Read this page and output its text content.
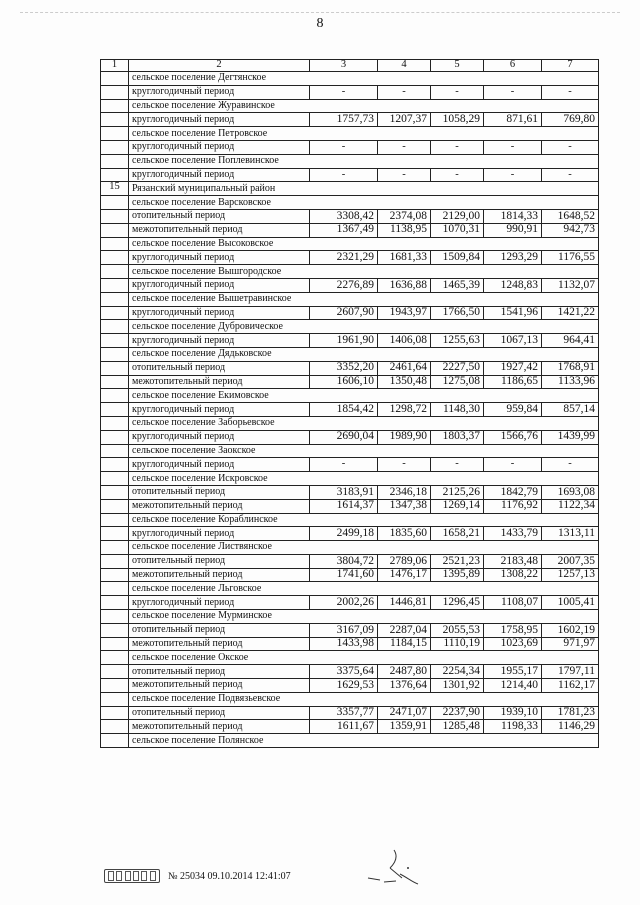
8
1	2	3	4	5	6	7
	сельское поселение Дегтянское					
	круглогодичный период	-	-	-	-	-
	сельское поселение Журавинское					
	круглогодичный период	1757,73	1207,37	1058,29	871,61	769,80
	сельское поселение Петровское					
	круглогодичный период	-	-	-	-	-
	сельское поселение Поплевинское					
	круглогодичный период	-	-	-	-	-
15	Рязанский муниципальный район					
	сельское поселение Варсковское					
	отопительный период	3308,42	2374,08	2129,00	1814,33	1648,52
	межотопительный период	1367,49	1138,95	1070,31	990,91	942,73
	сельское поселение Высоковское					
	круглогодичный период	2321,29	1681,33	1509,84	1293,29	1176,55
	сельское поселение Вышгородское					
	круглогодичный период	2276,89	1636,88	1465,39	1248,83	1132,07
	сельское поселение Вышетравинское					
	круглогодичный период	2607,90	1943,97	1766,50	1541,96	1421,22
	сельское поселение Дубровическое					
	круглогодичный период	1961,90	1406,08	1255,63	1067,13	964,41
	сельское поселение Дядьковское					
	отопительный период	3352,20	2461,64	2227,50	1927,42	1768,91
	межотопительный период	1606,10	1350,48	1275,08	1186,65	1133,96
	сельское поселение Екимовское					
	круглогодичный период	1854,42	1298,72	1148,30	959,84	857,14
	сельское поселение Заборьевское					
	круглогодичный период	2690,04	1989,90	1803,37	1566,76	1439,99
	сельское поселение Заокское					
	круглогодичный период	-	-	-	-	-
	сельское поселение Искровское					
	отопительный период	3183,91	2346,18	2125,26	1842,79	1693,08
	межотопительный период	1614,37	1347,38	1269,14	1176,92	1122,34
	сельское поселение Кораблинское					
	круглогодичный период	2499,18	1835,60	1658,21	1433,79	1313,11
	сельское поселение Листвянское					
	отопительный период	3804,72	2789,06	2521,23	2183,48	2007,35
	межотопительный период	1741,60	1476,17	1395,89	1308,22	1257,13
	сельское поселение Льговское					
	круглогодичный период	2002,26	1446,81	1296,45	1108,07	1005,41
	сельское поселение Мурминское					
	отопительный период	3167,09	2287,04	2055,53	1758,95	1602,19
	межотопительный период	1433,98	1184,15	1110,19	1023,69	971,97
	сельское поселение Окское					
	отопительный период	3375,64	2487,80	2254,34	1955,17	1797,11
	межотопительный период	1629,53	1376,64	1301,92	1214,40	1162,17
	сельское поселение Подвязьевское					
	отопительный период	3357,77	2471,07	2237,90	1939,10	1781,23
	межотопительный период	1611,67	1359,91	1285,48	1198,33	1146,29
	сельское поселение Полянское					
№ 25034 09.10.2014 12:41:07
